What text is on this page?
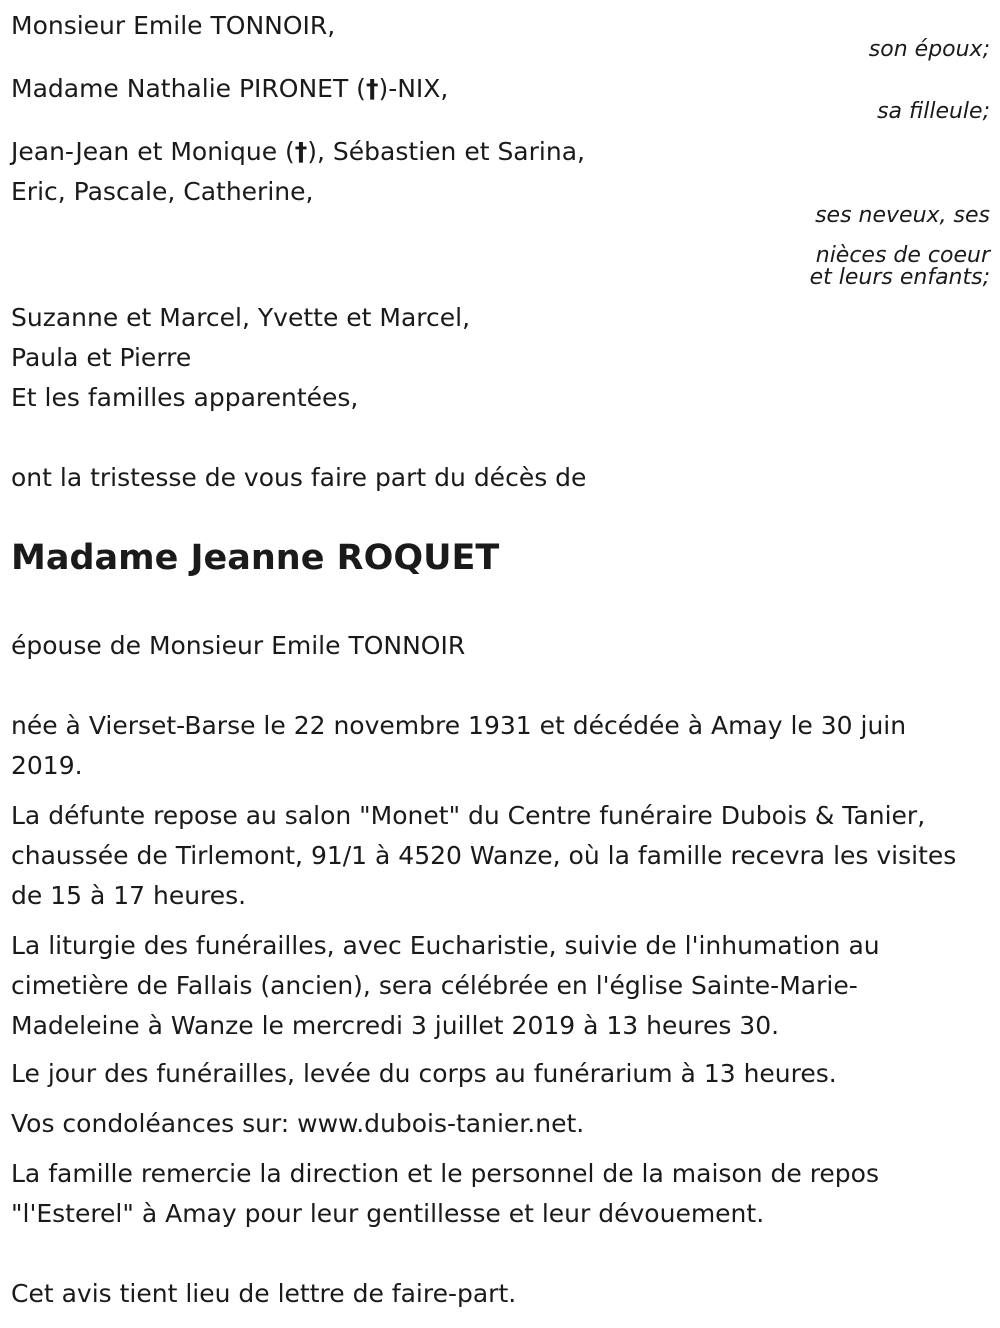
Monsieur Emile TONNOIR,
son époux;
Madame Nathalie PIRONET (†)-NIX,
sa filleule;
Jean-Jean et Monique (†), Sébastien et Sarina,
Eric, Pascale, Catherine,
ses neveux, ses
nièces de coeur
et leurs enfants;
Suzanne et Marcel, Yvette et Marcel,
Paula et Pierre
Et les familles apparentées,
ont la tristesse de vous faire part du décès de
Madame Jeanne ROQUET
épouse de Monsieur Emile TONNOIR
née à Vierset-Barse le 22 novembre 1931 et décédée à Amay le 30 juin 2019.
La défunte repose au salon "Monet" du Centre funéraire Dubois & Tanier, chaussée de Tirlemont, 91/1 à 4520 Wanze, où la famille recevra les visites de 15 à 17 heures.
La liturgie des funérailles, avec Eucharistie, suivie de l'inhumation au cimetière de Fallais (ancien), sera célébrée en l'église Sainte-Marie-Madeleine à Wanze le mercredi 3 juillet 2019 à 13 heures 30.
Le jour des funérailles, levée du corps au funérarium à 13 heures.
Vos condoléances sur: www.dubois-tanier.net.
La famille remercie la direction et le personnel de la maison de repos "l'Esterel" à Amay pour leur gentillesse et leur dévouement.
Cet avis tient lieu de lettre de faire-part.
